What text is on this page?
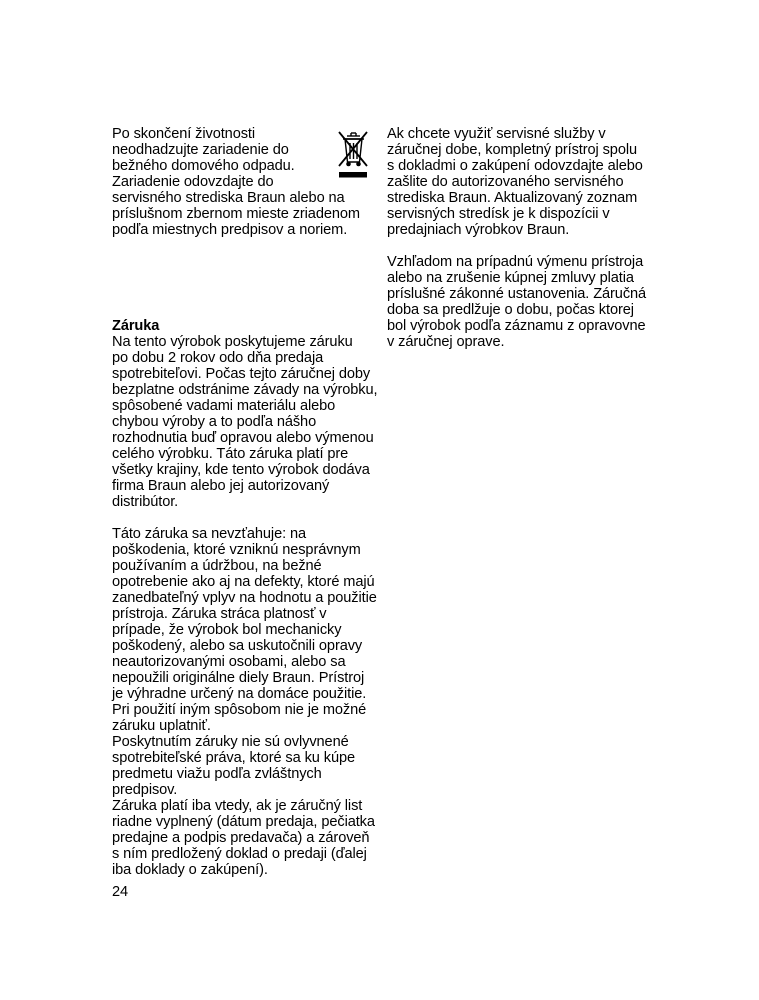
Po skončení životnosti
neodhadzujte zariadenie do
bežného domového odpadu.
Zariadenie odovzdajte do
servisného strediska Braun alebo na
príslušnom zbernom mieste zriadenom
podľa miestnych predpisov a noriem.
Záruka
Na tento výrobok poskytujeme záruku
po dobu 2 rokov odo dňa predaja
spotrebiteľovi. Počas tejto záručnej doby
bezplatne odstránime závady na výrobku,
spôsobené vadami materiálu alebo
chybou výroby a to podľa nášho
rozhodnutia buď opravou alebo výmenou
celého výrobku. Táto záruka platí pre
všetky krajiny, kde tento výrobok dodáva
firma Braun alebo jej autorizovaný
distribútor.
Táto záruka sa nevzťahuje: na
poškodenia, ktoré vzniknú nesprávnym
používaním a údržbou, na bežné
opotrebenie ako aj na defekty, ktoré majú
zanedbateľný vplyv na hodnotu a použitie
prístroja. Záruka stráca platnosť v
prípade, že výrobok bol mechanicky
poškodený, alebo sa uskutočnili opravy
neautorizovanými osobami, alebo sa
nepoužili originálne diely Braun. Prístroj
je výhradne určený na domáce použitie.
Pri použití iným spôsobom nie je možné
záruku uplatniť.
Poskytnutím záruky nie sú ovlyvnené
spotrebiteľské práva, ktoré sa ku kúpe
predmetu viažu podľa zvláštnych
predpisov.
Záruka platí iba vtedy, ak je záručný list
riadne vyplnený (dátum predaja, pečiatka
predajne a podpis predavača) a zároveň
s ním predložený doklad o predaji (ďalej
iba doklady o zakúpení).
Ak chcete využiť servisné služby v
záručnej dobe, kompletný prístroj spolu
s dokladmi o zakúpení odovzdajte alebo
zašlite do autorizovaného servisného
strediska Braun. Aktualizovaný zoznam
servisných stredísk je k dispozícii v
predajniach výrobkov Braun.
Vzhľadom na prípadnú výmenu prístroja
alebo na zrušenie kúpnej zmluvy platia
príslušné zákonné ustanovenia. Záručná
doba sa predlžuje o dobu, počas ktorej
bol výrobok podľa záznamu z opravovne
v záručnej oprave.
24
